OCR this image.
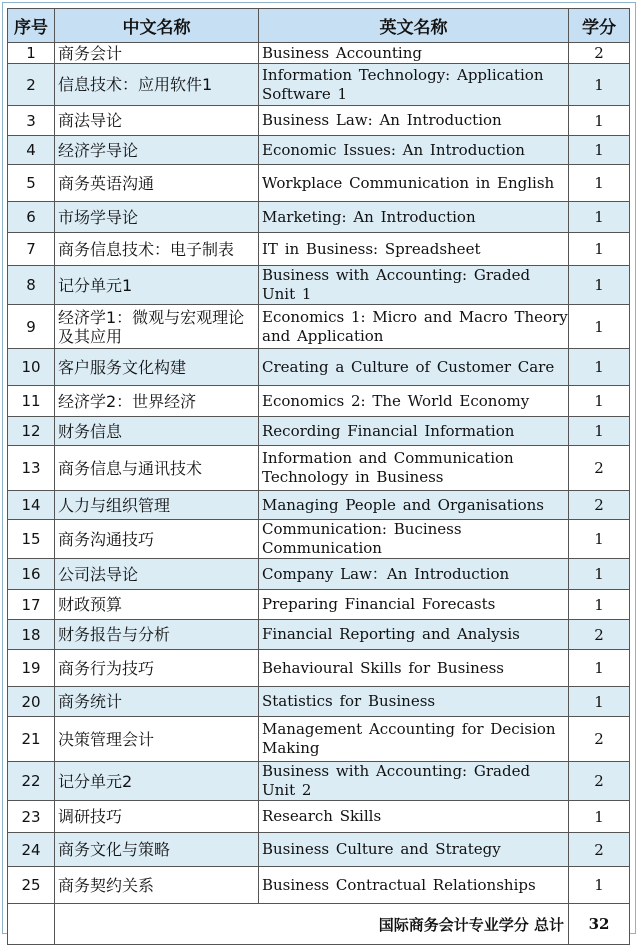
序号	中文名称	英文名称	学分
1	商务会计	Business Accounting	2
2	信息技术：应用软件1	Information Technology: Application Software 1	1
3	商法导论	Business Law: An Introduction	1
4	经济学导论	Economic Issues: An Introduction	1
5	商务英语沟通	Workplace Communication in English	1
6	市场学导论	Marketing: An Introduction	1
7	商务信息技术：电子制表	IT in Business: Spreadsheet	1
8	记分单元1	Business with Accounting: Graded Unit 1	1
9	经济学1：微观与宏观理论及其应用	Economics 1: Micro and Macro Theory and Application	1
10	客户服务文化构建	Creating a Culture of Customer Care	1
11	经济学2：世界经济	Economics 2: The World Economy	1
12	财务信息	Recording Financial Information	1
13	商务信息与通讯技术	Information and Communication Technology in Business	2
14	人力与组织管理	Managing People and Organisations	2
15	商务沟通技巧	Communication: Buciness Communication	1
16	公司法导论	Company Law：An Introduction	1
17	财政预算	Preparing Financial Forecasts	1
18	财务报告与分析	Financial Reporting and Analysis	2
19	商务行为技巧	Behavioural Skills for Business	1
20	商务统计	Statistics for Business	1
21	决策管理会计	Management Accounting for Decision Making	2
22	记分单元2	Business with Accounting: Graded Unit 2	2
23	调研技巧	Research Skills	1
24	商务文化与策略	Business Culture and Strategy	2
25	商务契约关系	Business Contractual Relationships	1
	国际商务会计专业学分 总计		32
